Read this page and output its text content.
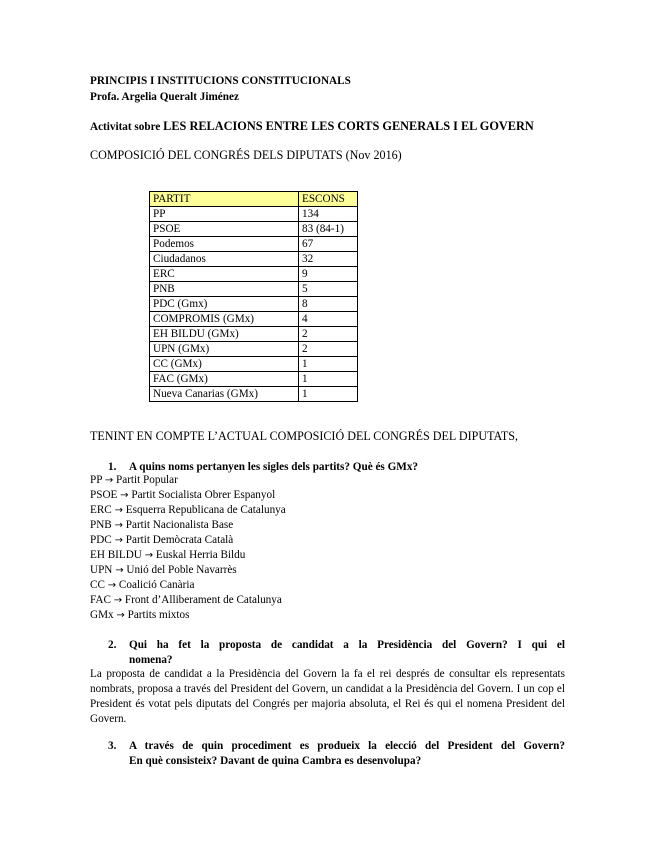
PRINCIPIS I INSTITUCIONS CONSTITUCIONALS
Profa. Argelia Queralt Jiménez
Activitat sobre LES RELACIONS ENTRE LES CORTS GENERALS I EL GOVERN
COMPOSICIÓ DEL CONGRÉS DELS DIPUTATS (Nov 2016)
PARTIT	ESCONS
PP	134
PSOE	83 (84-1)
Podemos	67
Ciudadanos	32
ERC	9
PNB	5
PDC (Gmx)	8
COMPROMIS (GMx)	4
EH BILDU (GMx)	2
UPN (GMx)	2
CC (GMx)	1
FAC (GMx)	1
Nueva Canarias (GMx)	1
TENINT EN COMPTE L’ACTUAL COMPOSICIÓ DEL CONGRÉS DEL DIPUTATS,
1. A quins noms pertanyen les sigles dels partits? Què és GMx?
PP → Partit Popular
PSOE → Partit Socialista Obrer Espanyol
ERC → Esquerra Republicana de Catalunya
PNB → Partit Nacionalista Base
PDC → Partit Demòcrata Català
EH BILDU → Euskal Herria Bildu
UPN → Unió del Poble Navarrès
CC → Coalició Canària
FAC → Front d’Alliberament de Catalunya
GMx → Partits mixtos
2. Qui ha fet la proposta de candidat a la Presidència del Govern? I qui el
nomena?
La proposta de candidat a la Presidència del Govern la fa el rei després de consultar els representats nombrats, proposa a través del President del Govern, un candidat a la Presidència del Govern. I un cop el President és votat pels diputats del Congrés per majoria absoluta, el Rei és qui el nomena President del Govern.
3. A través de quin procediment es produeix la elecció del President del Govern?
En què consisteix? Davant de quina Cambra es desenvolupa?
